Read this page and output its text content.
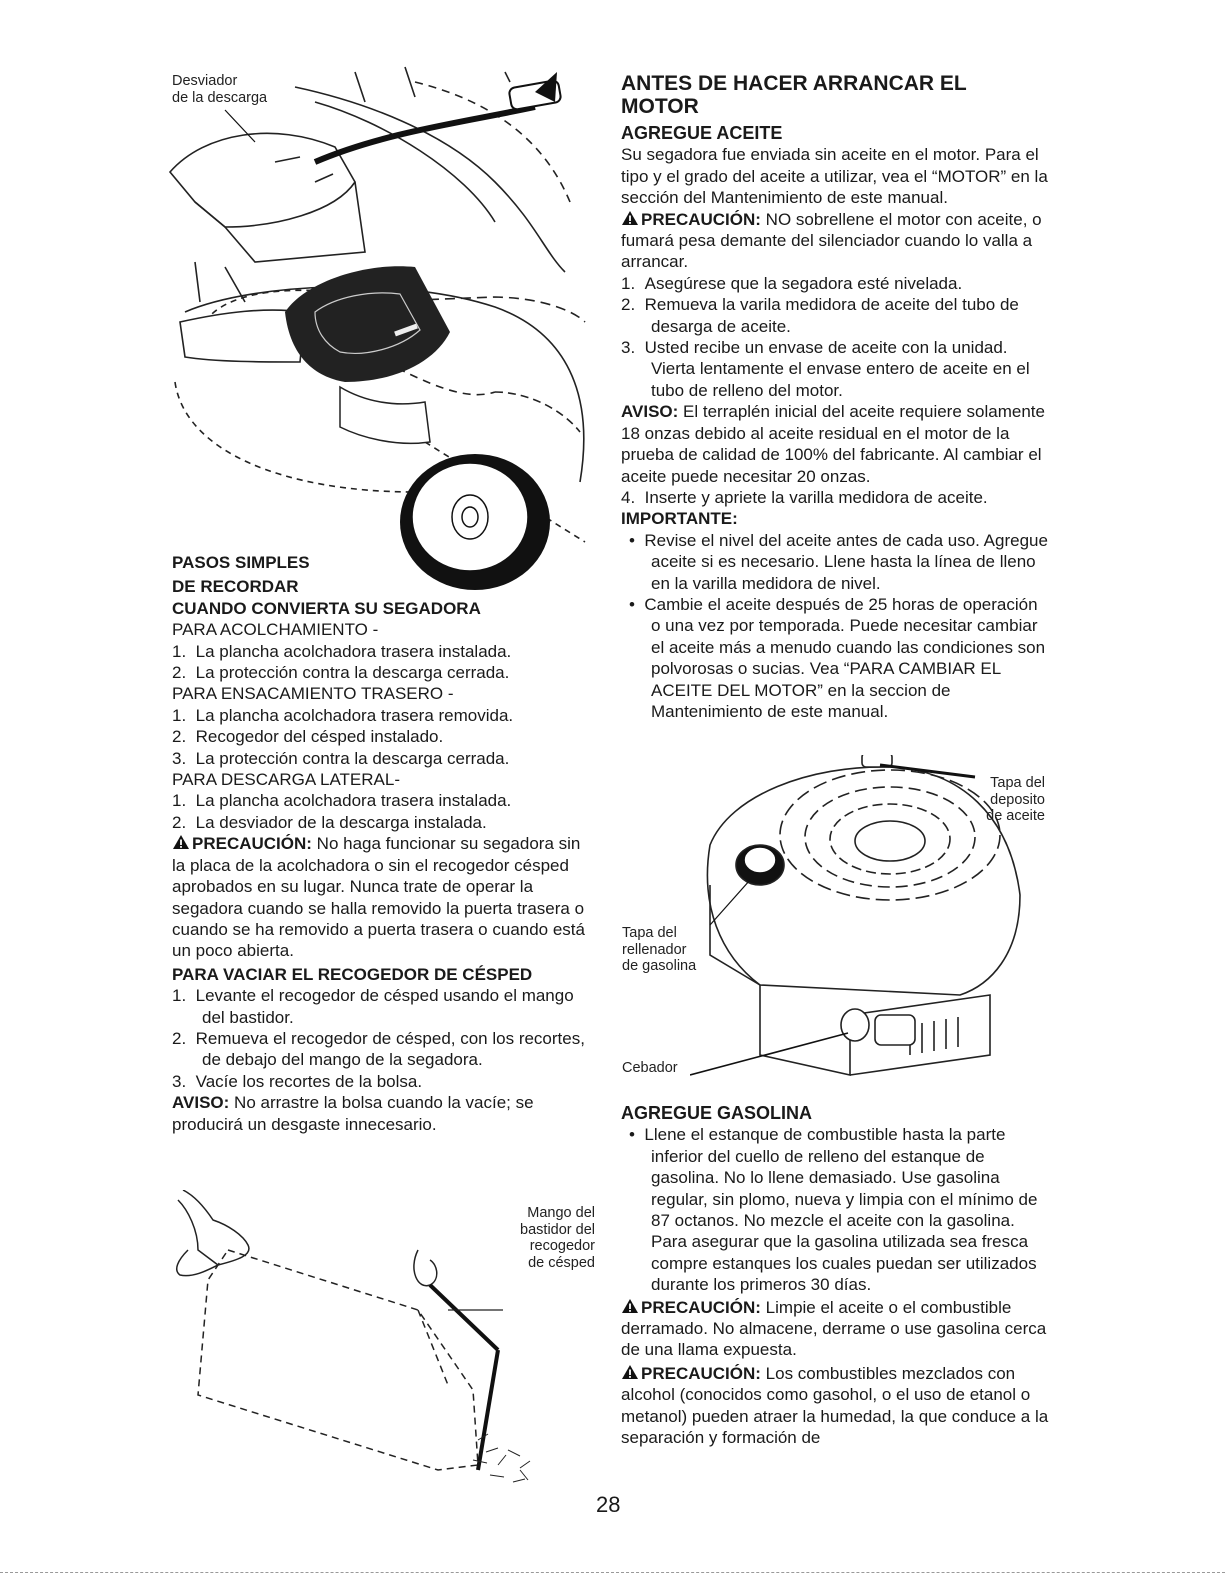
Desviador
de la descarga
PASOS SIMPLES
DE RECORDAR
CUANDO CONVIERTA SU SEGADORA
PARA ACOLCHAMIENTO -
1.  La plancha acolchadora trasera instalada.
2.  La protección contra la descarga cerrada.
PARA ENSACAMIENTO TRASERO -
1.  La plancha acolchadora trasera removida.
2.  Recogedor del césped instalado.
3.  La protección contra la descarga cerrada.
PARA DESCARGA LATERAL-
1.  La plancha acolchadora trasera instalada.
2.  La desviador de la descarga instalada.
PRECAUCIÓN: No haga funcionar su segadora sin la placa de la acolchadora o sin el recogedor césped aprobados en su lugar. Nunca trate de operar la segadora cuando se halla removido la puerta trasera o cuando se ha removido a puerta trasera o cuando está un poco abierta.
PARA VACIAR EL RECOGEDOR DE CÉSPED
1.  Levante el recogedor de césped usando el mango del bastidor.
2.  Remueva el recogedor de césped, con los recortes, de debajo del mango de la segadora.
3.  Vacíe los recortes de la bolsa.
AVISO: No arrastre la bolsa cuando la vacíe; se producirá un desgaste innecesario.
Mango del
bastidor del
recogedor
de césped
ANTES DE HACER ARRANCAR EL MOTOR
AGREGUE ACEITE
Su segadora fue enviada sin aceite en el motor. Para el tipo y el grado del aceite a utilizar, vea el “MOTOR” en la sección del Mantenimiento de este manual.
PRECAUCIÓN: NO sobrellene el motor con aceite, o fumará pesa demante del silenciador cuando lo valla a arrancar.
1.  Asegúrese que la segadora esté nivelada.
2.  Remueva la varila medidora de aceite del tubo de desarga de aceite.
3.  Usted recibe un envase de aceite con la unidad. Vierta lentamente el envase entero de aceite en el tubo de relleno del motor.
AVISO: El terraplén inicial del aceite requiere solamente 18 onzas debido al aceite residual en el motor de la prueba de calidad de 100% del fabricante. Al cambiar el aceite puede necesitar 20 onzas.
4.  Inserte y apriete la varilla medidora de aceite.
IMPORTANTE:
•  Revise el nivel del aceite antes de cada uso. Agregue aceite si es necesario. Llene hasta la línea de lleno en la varilla medidora de nivel.
•  Cambie el aceite después de 25 horas de operación o una vez por temporada. Puede necesitar cambiar el aceite más a menudo cuando las condiciones son polvorosas o sucias. Vea “PARA CAMBIAR EL ACEITE DEL MOTOR” en la seccion de Mantenimiento de este manual.
Tapa del
deposito
de aceite
Tapa del
rellenador
de gasolina
Cebador
AGREGUE GASOLINA
•  Llene el estanque de combustible hasta la parte inferior del cuello de relleno del estanque de gasolina. No lo llene demasiado. Use gasolina regular, sin plomo, nueva y limpia con el mínimo de 87 octanos. No mezcle el aceite con la gasolina. Para asegurar que la gasolina utilizada sea fresca compre estanques los cuales puedan ser utilizados durante los primeros 30 días.
PRECAUCIÓN: Limpie el aceite o el combustible derramado. No almacene, derrame o use gasolina cerca de una llama expuesta.
PRECAUCIÓN: Los combustibles mezclados con alcohol (conocidos como gasohol, o el uso de etanol o metanol) pueden atraer la humedad, la que conduce a la separación y formación de
28
